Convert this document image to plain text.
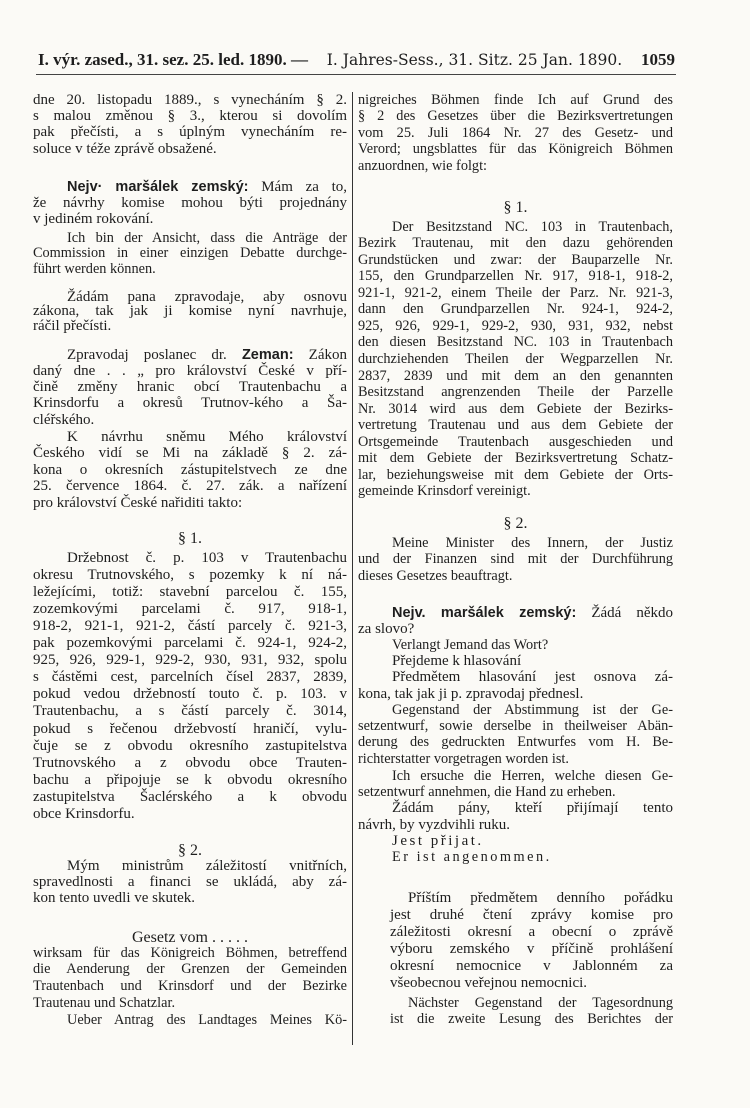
I. výr. zased., 31. sez. 25. led. 1890. — I. Jahres-Sess., 31. Sitz. 25 Jan. 1890. 1059
dne 20. listopadu 1889., s vynecháním § 2.
s malou změnou § 3., kterou si dovolím
pak přečísti, a s úplným vynecháním re-
soluce v téže zprávě obsažené.
Nejv· maršálek zemský: Mám za to,
že návrhy komise mohou býti projednány
v jediném rokování.
Ich bin der Ansicht, dass die Anträge der
Commission in einer einzigen Debatte durchge-
führt werden können.
Žádám pana zpravodaje, aby osnovu
zákona, tak jak ji komise nyní navrhuje,
ráčil přečísti.
Zpravodaj poslanec dr. Zeman: Zákon
daný dne . . „ pro království České v pří-
čině změny hranic obcí Trautenbachu a
Krinsdorfu a okresů Trutnov-kého a Ša-
cléřského.
K návrhu sněmu Mého království
Českého vidí se Mi na základě § 2. zá-
kona o okresních zástupitelstvech ze dne
25. července 1864. č. 27. zák. a nařízení
pro království České nařiditi takto:
§ 1.
Držebnost č. p. 103 v Trautenbachu
okresu Trutnovského, s pozemky k ní ná-
ležejícími, totiž: stavební parcelou č. 155,
zozemkovými parcelami č. 917, 918-1,
918-2, 921-1, 921-2, částí parcely č. 921-3,
pak pozemkovými parcelami č. 924-1, 924-2,
925, 926, 929-1, 929-2, 930, 931, 932, spolu
s částěmi cest, parcelních čísel 2837, 2839,
pokud vedou držebností touto č. p. 103. v
Trautenbachu, a s částí parcely č. 3014,
pokud s řečenou držebvostí hraničí, vylu-
čuje se z obvodu okresního zastupitelstva
Trutnovského a z obvodu obce Trauten-
bachu a připojuje se k obvodu okresního
zastupitelstva Šaclérského a k obvodu
obce Krinsdorfu.
§ 2.
Mým ministrům záležitostí vnitřních,
spravedlnosti a financi se ukládá, aby zá-
kon tento uvedli ve skutek.
Gesetz vom . . . . .
wirksam für das Königreich Böhmen, betreffend
die Aenderung der Grenzen der Gemeinden
Trautenbach und Krinsdorf und der Bezirke
Trautenau und Schatzlar.
Ueber Antrag des Landtages Meines Kö-
nigreiches Böhmen finde Ich auf Grund des
§ 2 des Gesetzes über die Bezirksvertretungen
vom 25. Juli 1864 Nr. 27 des Gesetz- und
Verord; ungsblattes für das Königreich Böhmen
anzuordnen, wie folgt:
§ 1.
Der Besitzstand NC. 103 in Trautenbach,
Bezirk Trautenau, mit den dazu gehörenden
Grundstücken und zwar: der Bauparzelle Nr.
155, den Grundparzellen Nr. 917, 918-1, 918-2,
921-1, 921-2, einem Theile der Parz. Nr. 921-3,
dann den Grundparzellen Nr. 924-1, 924-2,
925, 926, 929-1, 929-2, 930, 931, 932, nebst
den diesen Besitzstand NC. 103 in Trautenbach
durchziehenden Theilen der Wegparzellen Nr.
2837, 2839 und mit dem an den genannten
Besitzstand angrenzenden Theile der Parzelle
Nr. 3014 wird aus dem Gebiete der Bezirks-
vertretung Trautenau und aus dem Gebiete der
Ortsgemeinde Trautenbach ausgeschieden und
mit dem Gebiete der Bezirksvertretung Schatz-
lar, beziehungsweise mit dem Gebiete der Orts-
gemeinde Krinsdorf vereinigt.
§ 2.
Meine Minister des Innern, der Justiz
und der Finanzen sind mit der Durchführung
dieses Gesetzes beauftragt.
Nejv. maršálek zemský: Žádá někdo
za slovo?
Verlangt Jemand das Wort?
Přejdeme k hlasování
Předmětem hlasování jest osnova zá-
kona, tak jak ji p. zpravodaj přednesl.
Gegenstand der Abstimmung ist der Ge-
setzentwurf, sowie derselbe in theilweiser Abän-
derung des gedruckten Entwurfes vom H. Be-
richterstatter vorgetragen worden ist.
Ich ersuche die Herren, welche diesen Ge-
setzentwurf annehmen, die Hand zu erheben.
Žádám pány, kteří přijímají tento
návrh, by vyzdvihli ruku.
Jest přijat.
Er ist angenommen.
Příštím předmětem denního pořádku
jest druhé čtení zprávy komise pro
záležitosti okresní a obecní o zprávě
výboru zemského v příčině prohlášení
okresní nemocnice v Jablonném za
všeobecnou veřejnou nemocnici.
Nächster Gegenstand der Tagesordnung
ist die zweite Lesung des Berichtes der
